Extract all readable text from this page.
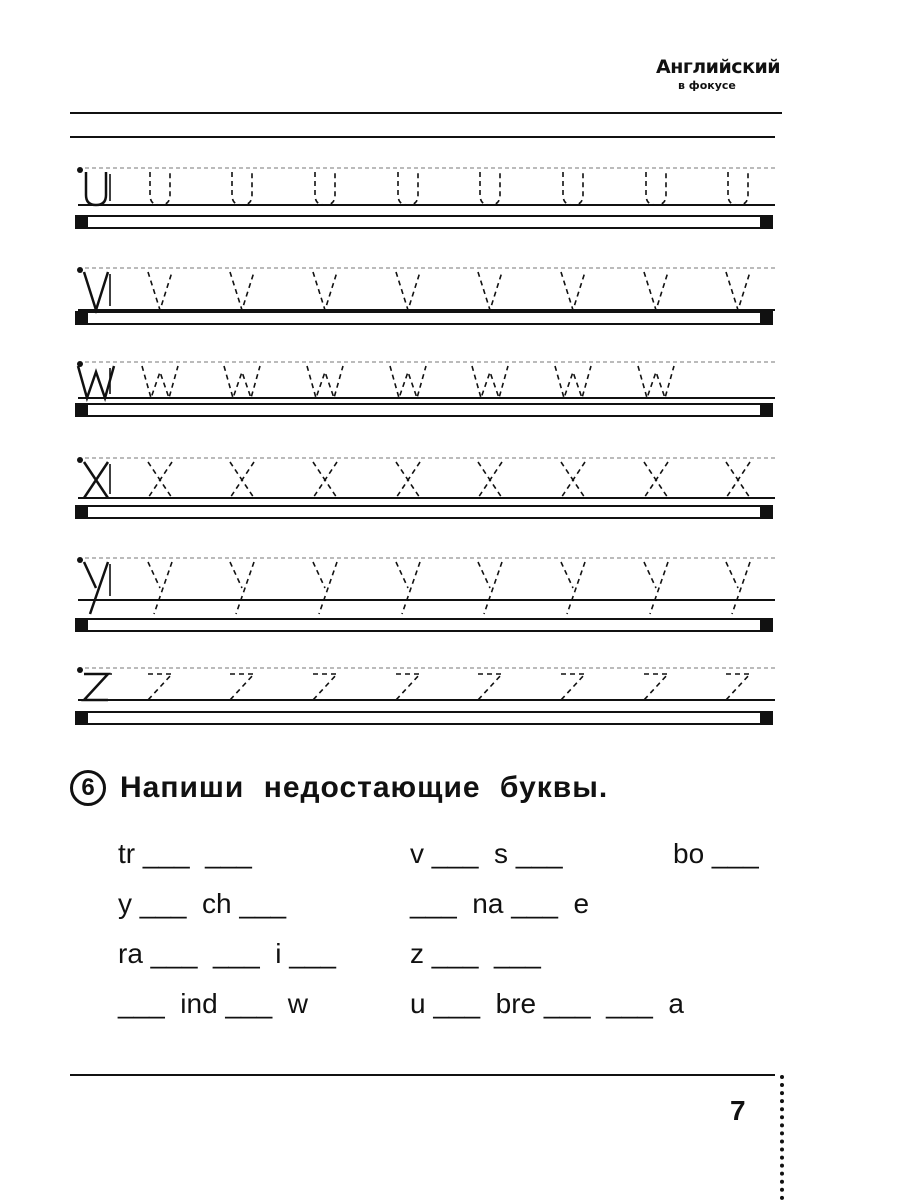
Английский
в фокусе
6 Напиши недостающие буквы.
tr ___  ___	v ___  s ___	bo ___
y ___  ch ___	___  na ___  e
ra ___  ___  i ___	z ___  ___
___  ind ___  w	u ___  bre ___  ___  a
7
